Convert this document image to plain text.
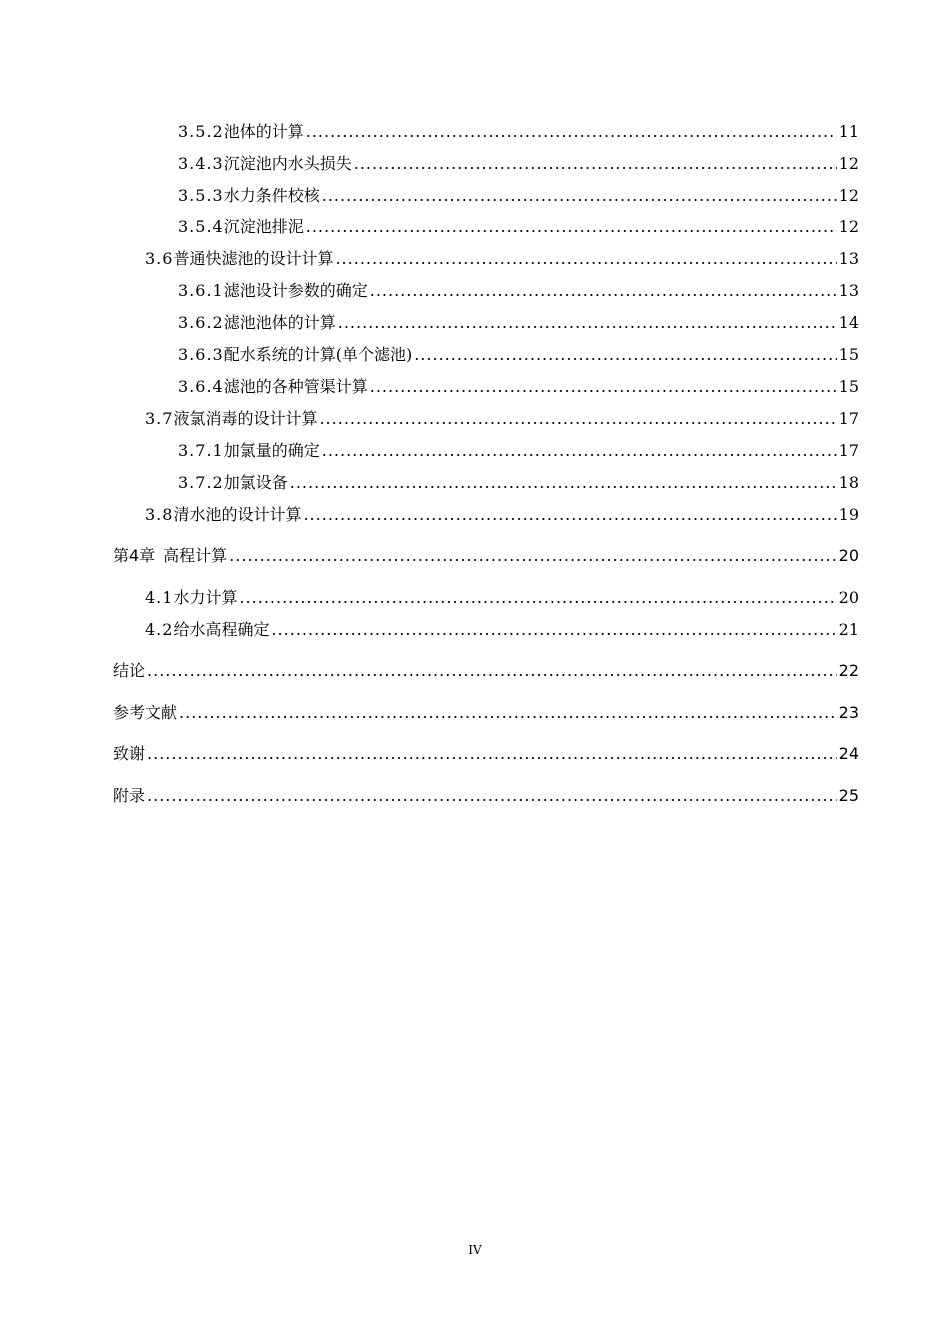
3.5.2 池体的计算 .....	11
3.4.3 沉淀池内水头损失 .....	12
3.5.3 水力条件校核 .....	12
3.5.4 沉淀池排泥 .....	12
3.6 普通快滤池的设计计算 .....	13
3.6.1 滤池设计参数的确定 .....	13
3.6.2 滤池池体的计算 .....	14
3.6.3 配水系统的计算(单个滤池) .....	15
3.6.4 滤池的各种管渠计算 .....	15
3.7 液氯消毒的设计计算 .....	17
3.7.1 加氯量的确定 .....	17
3.7.2 加氯设备 .....	18
3.8 清水池的设计计算 .....	19
第4章 高程计算 .....	20
4.1 水力计算 .....	20
4.2 给水高程确定 .....	21
结论 .....	22
参考文献 .....	23
致谢 .....	24
附录 .....	25
IV
